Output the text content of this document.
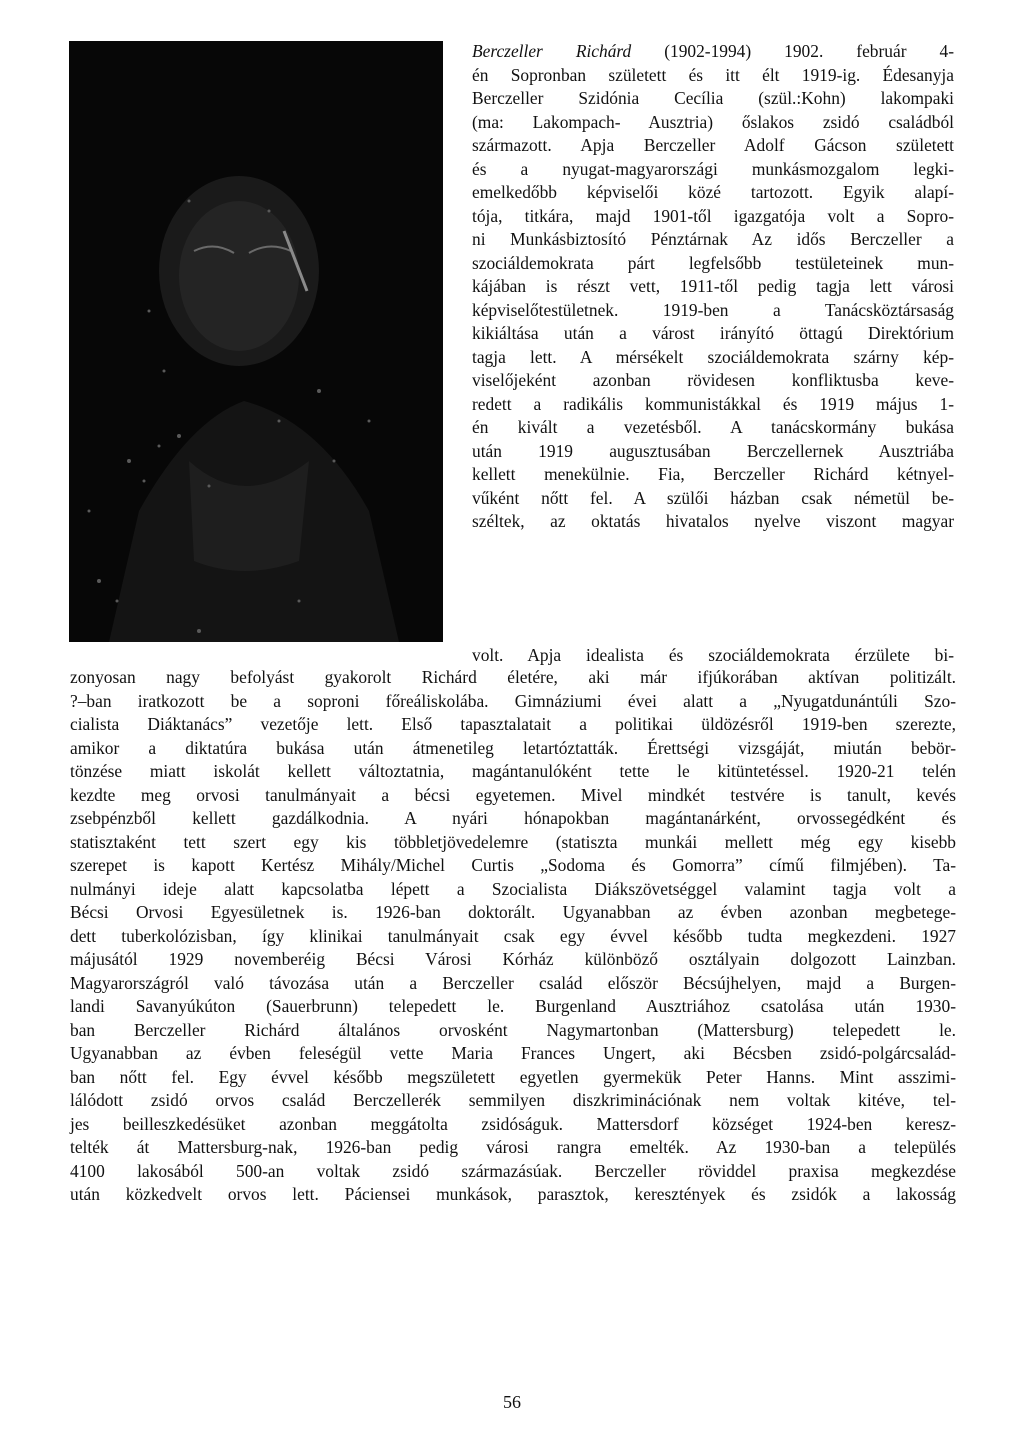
Berczeller Richárd (1902-1994) 1902. február 4-
én Sopronban született és itt élt 1919-ig. Édesanyja
Berczeller Szidónia Cecília (szül.:Kohn) lakompaki
(ma: Lakompach- Ausztria) őslakos zsidó családból
származott. Apja Berczeller Adolf Gácson született
és a nyugat-magyarországi munkásmozgalom legki-
emelkedőbb képviselői közé tartozott. Egyik alapí-
tója, titkára, majd 1901-től igazgatója volt a Sopro-
ni Munkásbiztosító Pénztárnak Az idős Berczeller a
szociáldemokrata párt legfelsőbb testületeinek mun-
kájában is részt vett, 1911-től pedig tagja lett városi
képviselőtestületnek. 1919-ben a Tanácsköztársaság
kikiáltása után a várost irányító öttagú Direktórium
tagja lett. A mérsékelt szociáldemokrata szárny kép-
viselőjeként azonban rövidesen konfliktusba keve-
redett a radikális kommunistákkal és 1919 május 1-
én kivált a vezetésből. A tanácskormány bukása
után 1919 augusztusában Berczellernek Ausztriába
kellett menekülnie. Fia, Berczeller Richárd kétnyel-
vűként nőtt fel. A szülői házban csak németül be-
széltek, az oktatás hivatalos nyelve viszont magyar
volt. Apja idealista és szociáldemokrata érzülete bi-
zonyosan nagy befolyást gyakorolt Richárd életére, aki már ifjúkorában aktívan politizált.
?–ban iratkozott be a soproni főreáliskolába. Gimnáziumi évei alatt a „Nyugatdunántúli Szo-
cialista Diáktanács” vezetője lett. Első tapasztalatait a politikai üldözésről 1919-ben szerezte,
amikor a diktatúra bukása után átmenetileg letartóztatták. Érettségi vizsgáját, miután bebör-
tönzése miatt iskolát kellett változtatnia, magántanulóként tette le kitüntetéssel. 1920-21 telén
kezdte meg orvosi tanulmányait a bécsi egyetemen. Mivel mindkét testvére is tanult, kevés
zsebpénzből kellett gazdálkodnia. A nyári hónapokban magántanárként, orvossegédként és
statisztaként tett szert egy kis többletjövedelemre (statiszta munkái mellett még egy kisebb
szerepet is kapott Kertész Mihály/Michel Curtis „Sodoma és Gomorra” című filmjében). Ta-
nulmányi ideje alatt kapcsolatba lépett a Szocialista Diákszövetséggel valamint tagja volt a
Bécsi Orvosi Egyesületnek is. 1926-ban doktorált. Ugyanabban az évben azonban megbetege-
dett tuberkolózisban, így klinikai tanulmányait csak egy évvel később tudta megkezdeni. 1927
májusától 1929 novemberéig Bécsi Városi Kórház különböző osztályain dolgozott Lainzban.
Magyarországról való távozása után a Berczeller család először Bécsújhelyen, majd a Burgen-
landi Savanyúkúton (Sauerbrunn) telepedett le. Burgenland Ausztriához csatolása után 1930-
ban Berczeller Richárd általános orvosként Nagymartonban (Mattersburg) telepedett le.
Ugyanabban az évben feleségül vette Maria Frances Ungert, aki Bécsben zsidó-polgárcsalád-
ban nőtt fel. Egy évvel később megszületett egyetlen gyermekük Peter Hanns. Mint asszimi-
lálódott zsidó orvos család Berczellerék semmilyen diszkriminációnak nem voltak kitéve, tel-
jes beilleszkedésüket azonban meggátolta zsidóságuk. Mattersdorf községet 1924-ben keresz-
telték át Mattersburg-nak, 1926-ban pedig városi rangra emelték. Az 1930-ban a település
4100 lakosából 500-an voltak zsidó származásúak. Berczeller röviddel praxisa megkezdése
után közkedvelt orvos lett. Páciensei munkások, parasztok, keresztények és zsidók a lakosság
56
